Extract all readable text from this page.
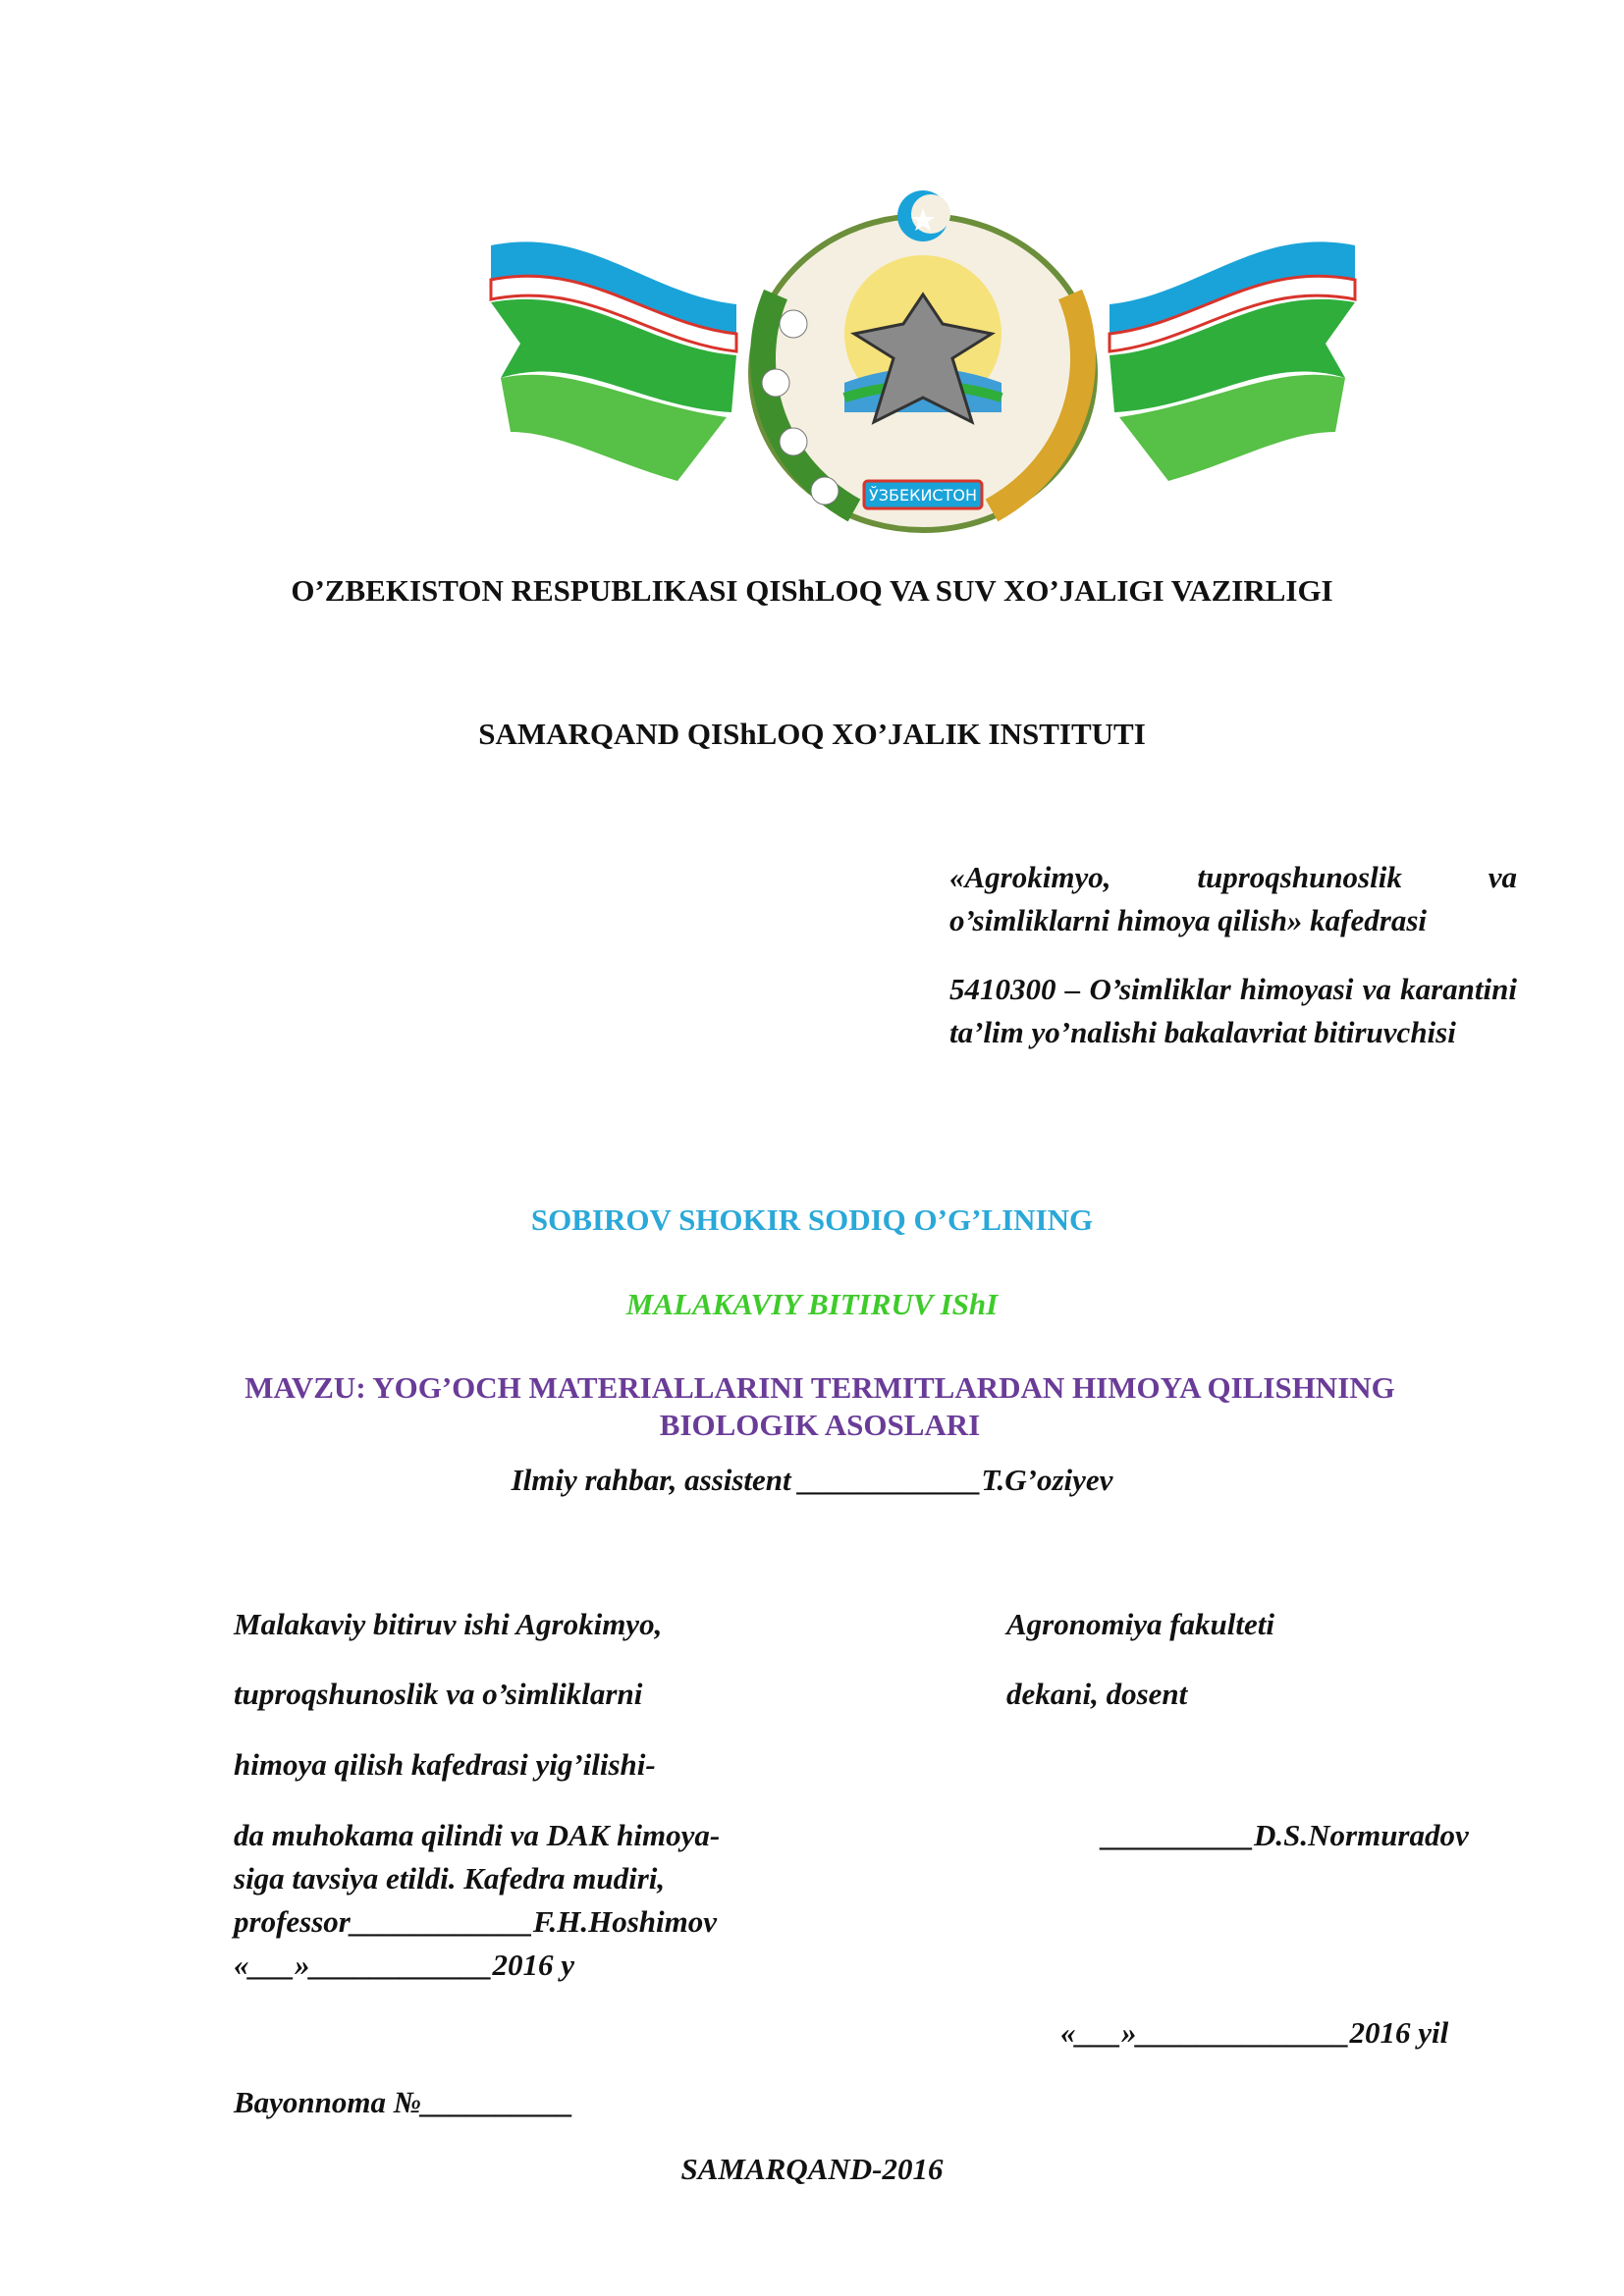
ЎЗБЕКИСТОН
O’ZBEKISTON RESPUBLIKASI QIShLOQ VA SUV XO’JALIGI VAZIRLIGI
SAMARQAND QIShLOQ XO’JALIK INSTITUTI

«Agrokimyo, tuproqshunoslik va o’simliklarni himoya qilish» kafedrasi

5410300 – O’simliklar himoyasi va karantini ta’lim yo’nalishi bakalavriat bitiruvchisi

SOBIROV SHOKIR SODIQ O’G’LINING
MALAKAVIY BITIRUV IShI
MAVZU: YOG’OCH MATERIALLARINI TERMITLARDAN HIMOYA QILISHNING
BIOLOGIK ASOSLARI
Ilmiy rahbar, assistent ____________T.G’oziyev
Malakaviy bitiruv ishi Agrokimyo,
tuproqshunoslik va o’simliklarni
himoya qilish kafedrasi yig’ilishi-

da muhokama qilindi va DAK himoya-

siga tavsiya etildi. Kafedra mudiri,

professor____________F.H.Hoshimov

«___»____________2016 y

Bayonnoma №__________
Agronomiya fakulteti
dekani, dosent
__________D.S.Normuradov
«___»______________2016 yil
SAMARQAND-2016
